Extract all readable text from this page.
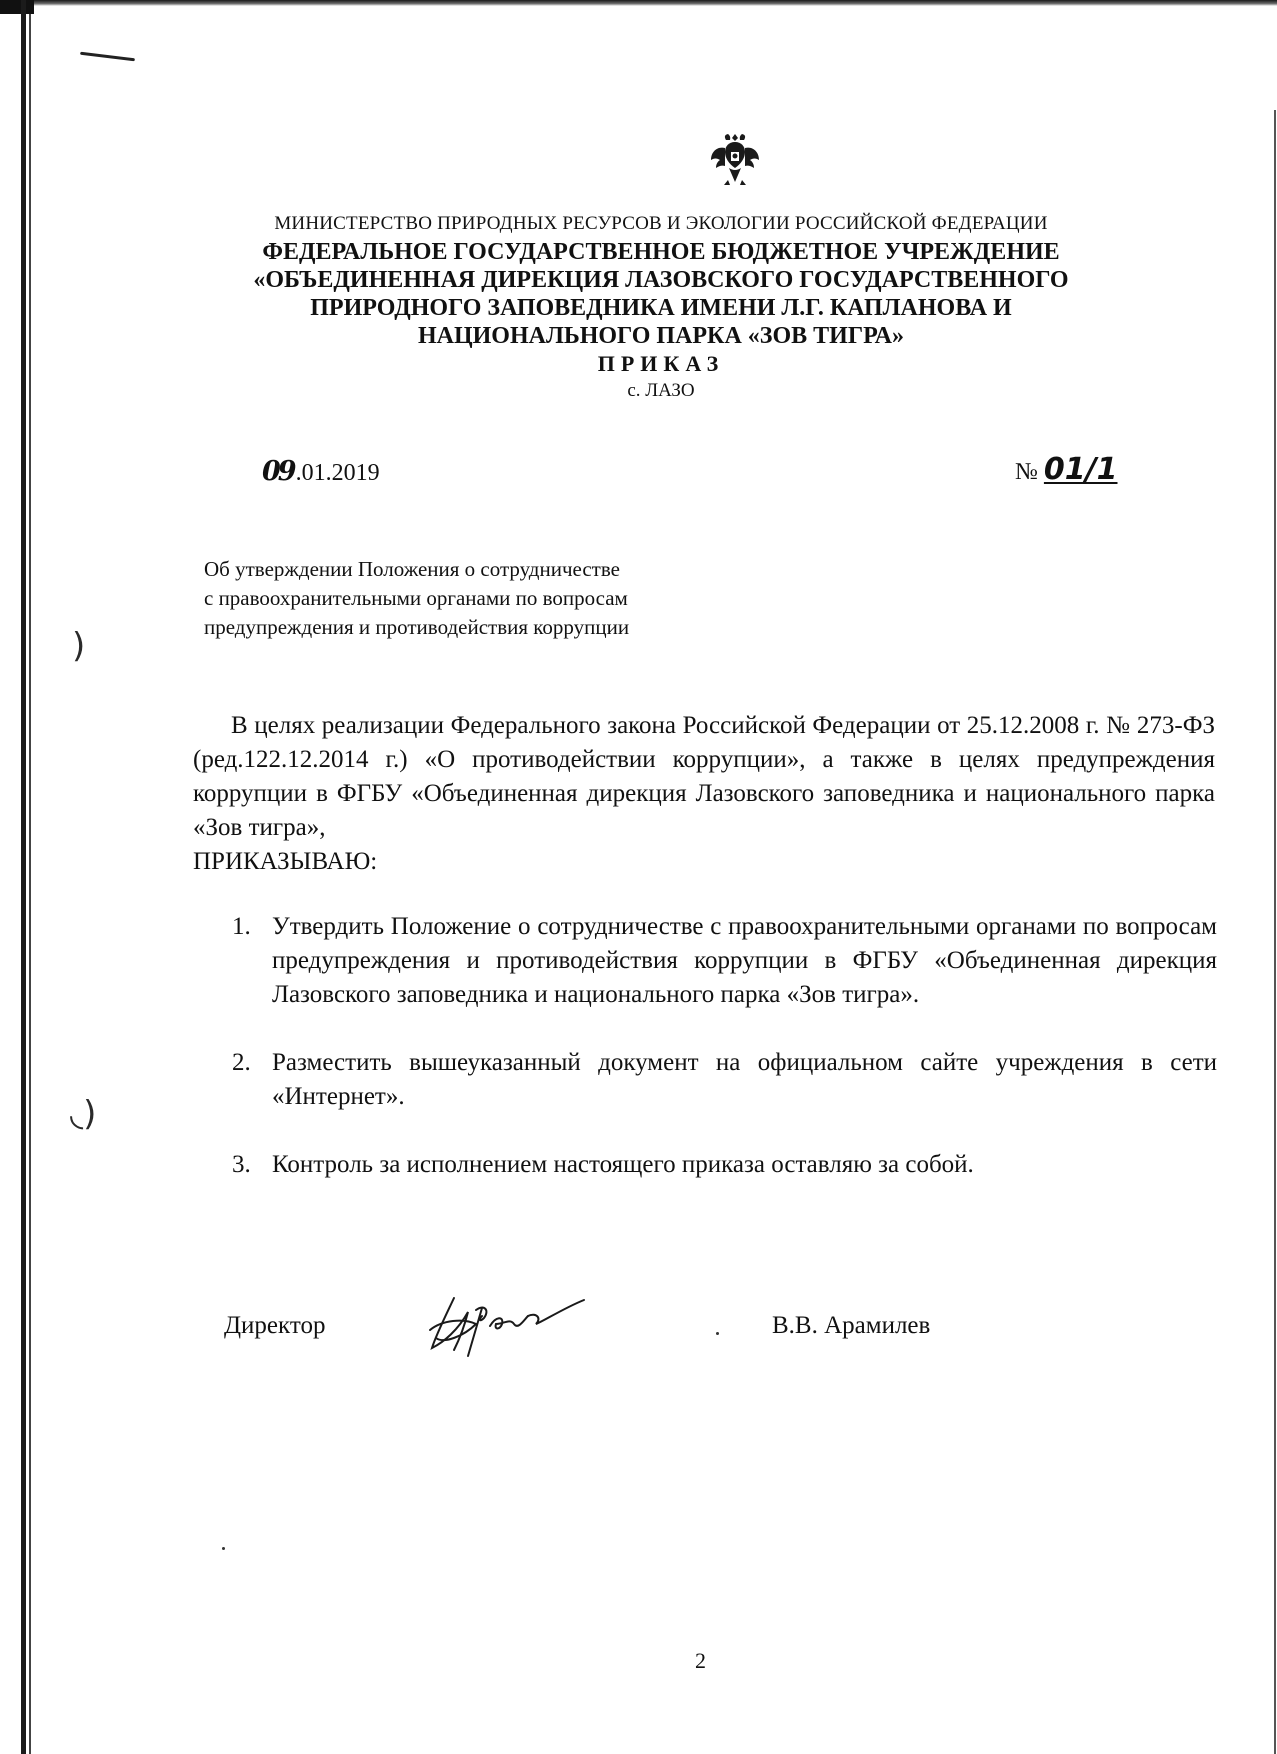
)
◟)
МИНИСТЕРСТВО ПРИРОДНЫХ РЕСУРСОВ И ЭКОЛОГИИ РОССИЙСКОЙ ФЕДЕРАЦИИ
ФЕДЕРАЛЬНОЕ ГОСУДАРСТВЕННОЕ БЮДЖЕТНОЕ УЧРЕЖДЕНИЕ
«ОБЪЕДИНЕННАЯ ДИРЕКЦИЯ ЛАЗОВСКОГО ГОСУДАРСТВЕННОГО
ПРИРОДНОГО ЗАПОВЕДНИКА ИМЕНИ Л.Г. КАПЛАНОВА И
НАЦИОНАЛЬНОГО ПАРКА «ЗОВ ТИГРА»
ПРИКАЗ
с. ЛАЗО
09.01.2019	№ 01/1
Об утверждении Положения о сотрудничестве
с правоохранительными органами по вопросам
предупреждения и противодействия коррупции
В целях реализации Федерального закона Российской Федерации от 25.12.2008 г. № 273-ФЗ (ред.122.12.2014 г.) «О противодействии коррупции», а также в целях предупреждения коррупции в ФГБУ «Объединенная дирекция Лазовского заповедника и национального парка «Зов тигра»,
ПРИКАЗЫВАЮ:
1. Утвердить Положение о сотрудничестве с правоохранительными органами по вопросам предупреждения и противодействия коррупции в ФГБУ «Объединенная дирекция Лазовского заповедника и национального парка «Зов тигра».
2. Разместить вышеуказанный документ на официальном сайте учреждения в сети «Интернет».
3. Контроль за исполнением настоящего приказа оставляю за собой.
Директор	В.В. Арамилев
2
